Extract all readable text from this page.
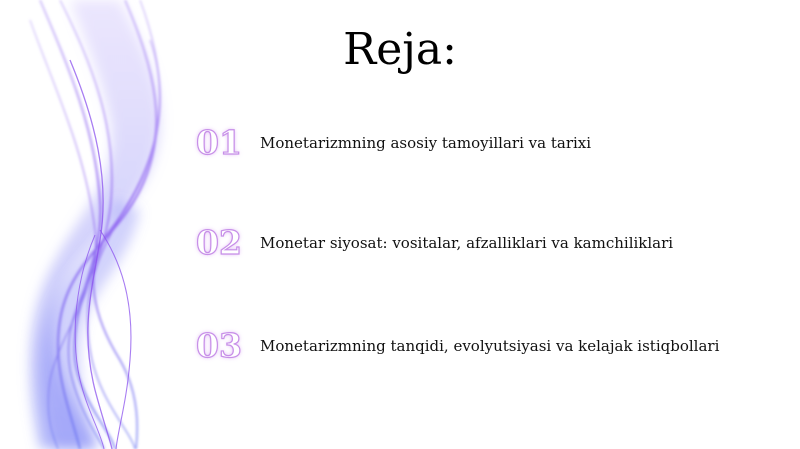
Reja:
01	Monetarizmning asosiy tamoyillari va tarixi
02	Monetar siyosat: vositalar, afzalliklari va kamchiliklari
03	Monetarizmning tanqidi, evolyutsiyasi va kelajak istiqbollari
